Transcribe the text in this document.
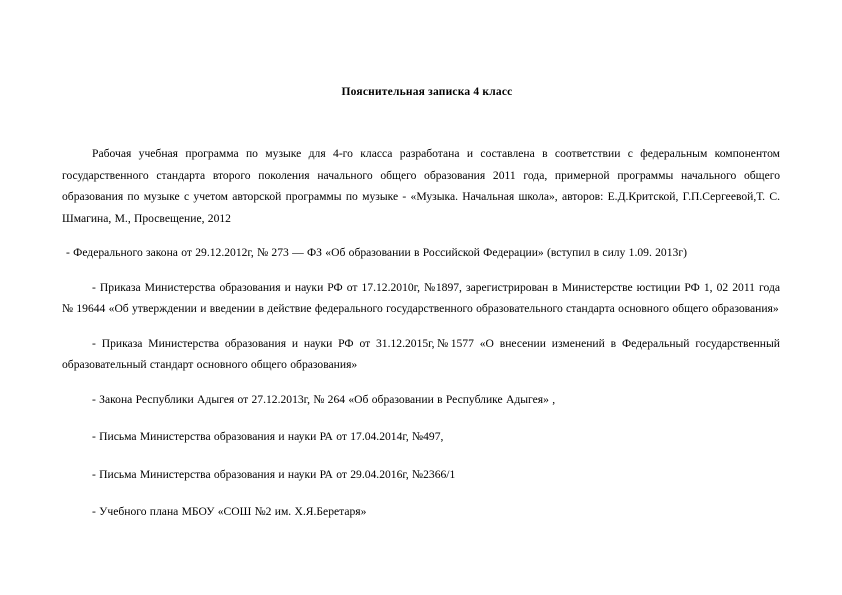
Пояснительная записка 4 класс

Рабочая учебная программа по музыке для 4-го класса разработана и составлена в соответствии с федеральным компонентом государственного стандарта второго поколения начального общего образования 2011 года, примерной программы начального общего образования по музыке с учетом авторской программы по музыке - «Музыка. Начальная школа», авторов: Е.Д.Критской, Г.П.Сергеевой,Т. С. Шмагина, М., Просвещение, 2012

- Федерального закона от 29.12.2012г, № 273 — ФЗ «Об образовании в Российской Федерации» (вступил в силу 1.09. 2013г)

- Приказа Министерства образования и науки РФ от 17.12.2010г, №1897, зарегистрирован в Министерстве юстиции РФ 1, 02 2011 года № 19644 «Об утверждении и введении в действие федерального государственного образовательного стандарта основного общего образования»

- Приказа Министерства образования и науки РФ от 31.12.2015г,№1577 «О внесении изменений в Федеральный государственный образовательный стандарт основного общего образования»

- Закона Республики Адыгея от 27.12.2013г, № 264 «Об образовании в Республике Адыгея» ,

- Письма Министерства образования и науки РА от 17.04.2014г, №497,

- Письма Министерства образования и науки РА от 29.04.2016г, №2366/1

- Учебного плана МБОУ «СОШ №2 им. Х.Я.Беретаря»
